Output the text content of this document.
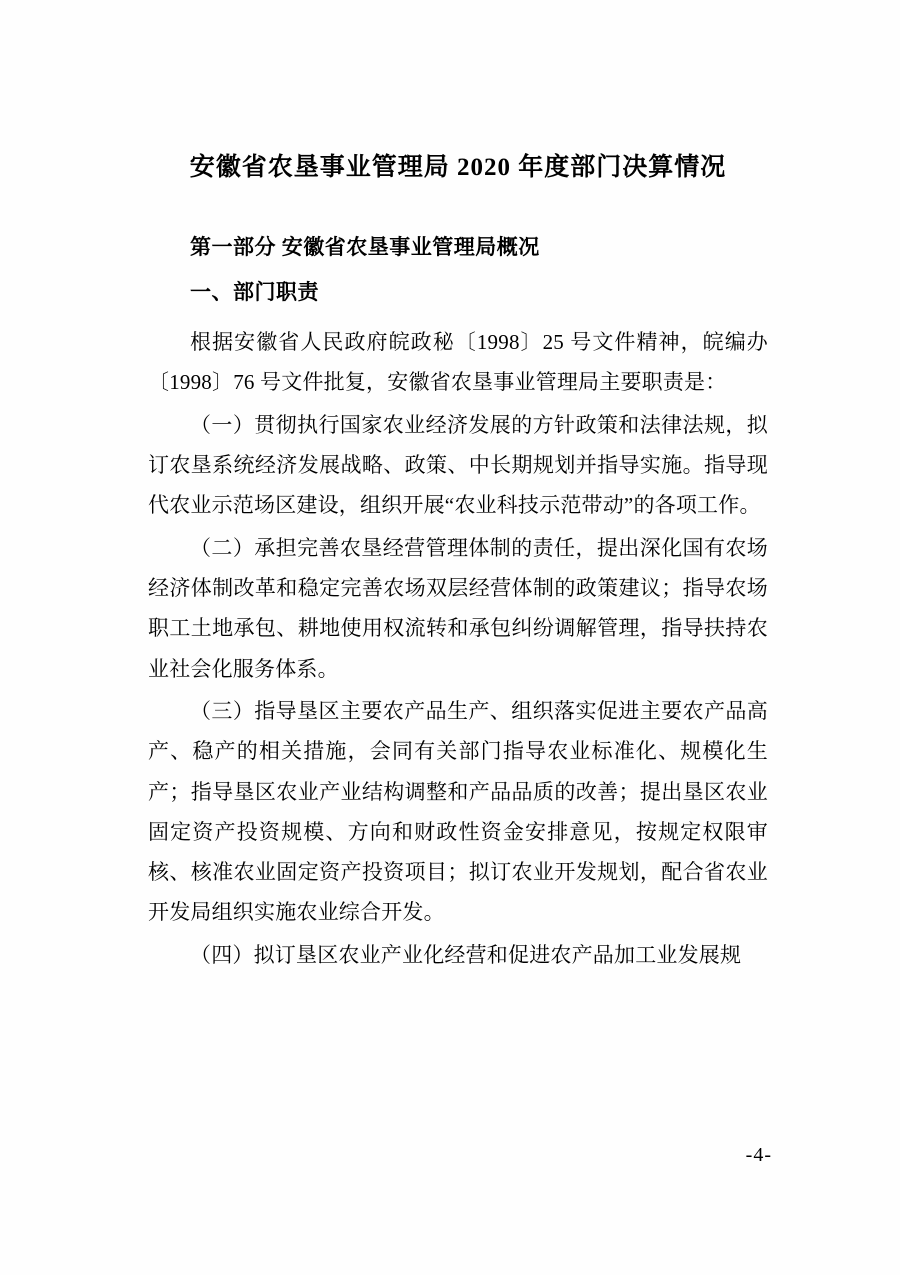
安徽省农垦事业管理局 2020 年度部门决算情况
第一部分 安徽省农垦事业管理局概况
一、部门职责

根据安徽省人民政府皖政秘〔1998〕25 号文件精神，皖编办〔1998〕76 号文件批复，安徽省农垦事业管理局主要职责是：

（一）贯彻执行国家农业经济发展的方针政策和法律法规，拟订农垦系统经济发展战略、政策、中长期规划并指导实施。指导现代农业示范场区建设，组织开展“农业科技示范带动”的各项工作。

（二）承担完善农垦经营管理体制的责任，提出深化国有农场经济体制改革和稳定完善农场双层经营体制的政策建议；指导农场职工土地承包、耕地使用权流转和承包纠纷调解管理，指导扶持农业社会化服务体系。

（三）指导垦区主要农产品生产、组织落实促进主要农产品高产、稳产的相关措施，会同有关部门指导农业标准化、规模化生产；指导垦区农业产业结构调整和产品品质的改善；提出垦区农业固定资产投资规模、方向和财政性资金安排意见，按规定权限审核、核准农业固定资产投资项目；拟订农业开发规划，配合省农业开发局组织实施农业综合开发。

（四）拟订垦区农业产业化经营和促进农产品加工业发展规

-4-
